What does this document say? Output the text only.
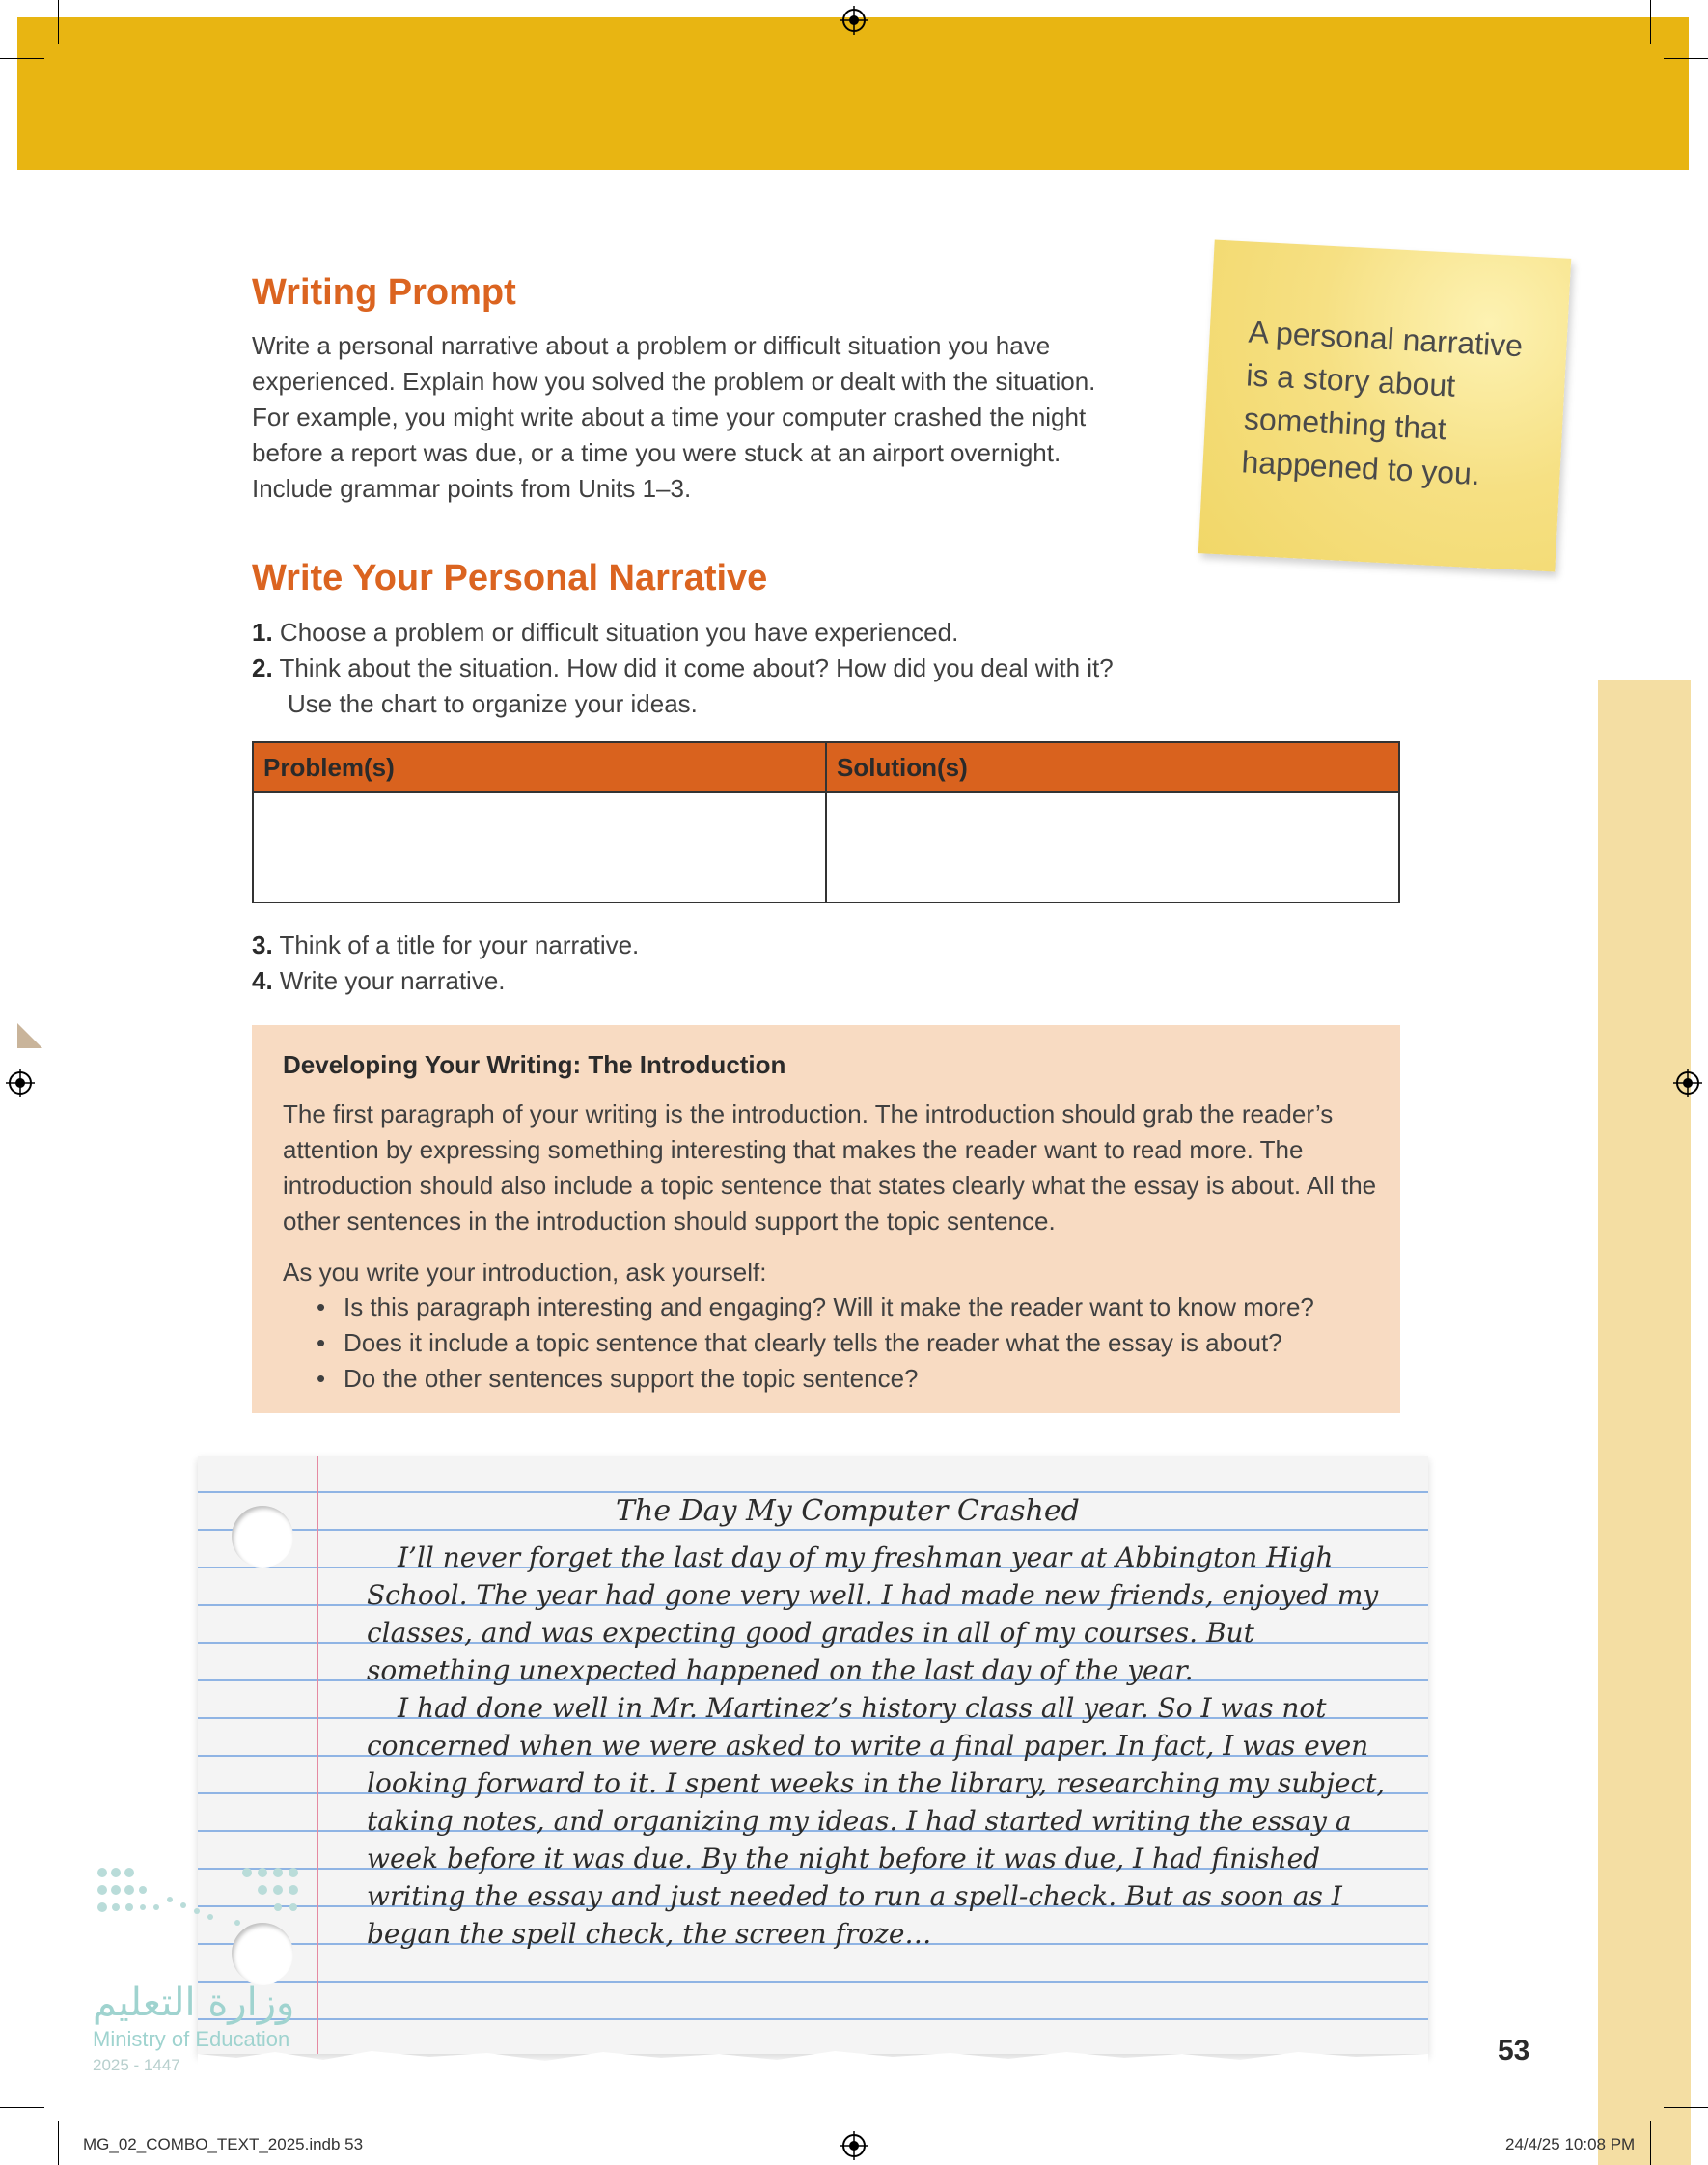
Writing Prompt
Write a personal narrative about a problem or difficult situation you have
experienced. Explain how you solved the problem or dealt with the situation.
For example, you might write about a time your computer crashed the night
before a report was due, or a time you were stuck at an airport overnight.
Include grammar points from Units 1–3.
A personal narrative
is a story about
something that
happened to you.
Write Your Personal Narrative
1. Choose a problem or difficult situation you have experienced.
2. Think about the situation. How did it come about? How did you deal with it?
Use the chart to organize your ideas.
Problem(s)	Solution(s)

3. Think of a title for your narrative.
4. Write your narrative.
Developing Your Writing: The Introduction
The first paragraph of your writing is the introduction. The introduction should grab the reader’s attention by expressing something interesting that makes the reader want to read more. The introduction should also include a topic sentence that states clearly what the essay is about. All the other sentences in the introduction should support the topic sentence.
As you write your introduction, ask yourself:
• Is this paragraph interesting and engaging? Will it make the reader want to know more?
• Does it include a topic sentence that clearly tells the reader what the essay is about?
• Do the other sentences support the topic sentence?
The Day My Computer Crashed

I’ll never forget the last day of my freshman year at Abbington High School. The year had gone very well. I had made new friends, enjoyed my classes, and was expecting good grades in all of my courses. But something unexpected happened on the last day of the year.

I had done well in Mr. Martinez’s history class all year. So I was not concerned when we were asked to write a final paper. In fact, I was even looking forward to it. I spent weeks in the library, researching my subject, taking notes, and organizing my ideas. I had started writing the essay a week before it was due. By the night before it was due, I had finished writing the essay and just needed to run a spell-check. But as soon as I began the spell check, the screen froze…

وزارة التعليم
Ministry of Education
2025 - 1447	53
MG_02_COMBO_TEXT_2025.indb 53	24/4/25 10:08 PM
